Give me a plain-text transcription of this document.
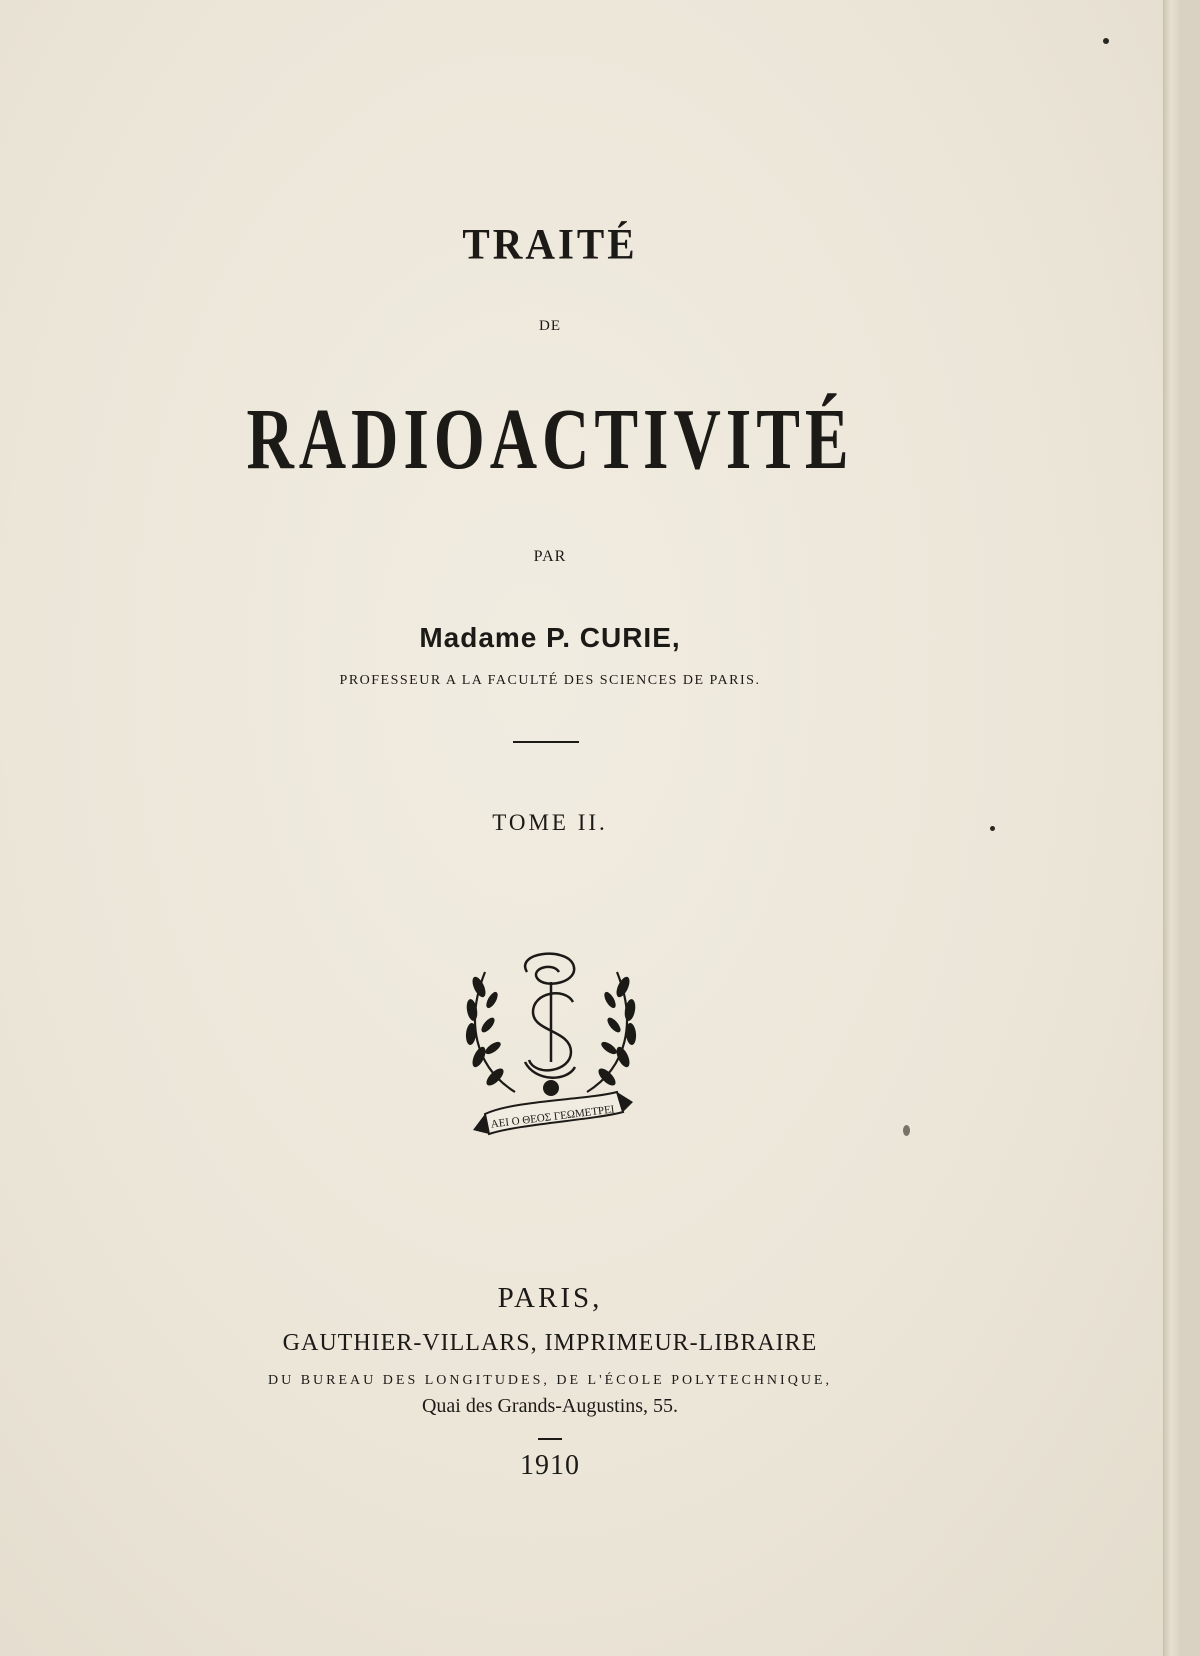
TRAITÉ
DE
RADIOACTIVITÉ
PAR
Madame P. CURIE,
PROFESSEUR A LA FACULTÉ DES SCIENCES DE PARIS.
TOME II.
ΑΕΙ Ο ΘΕΟΣ ΓΕΩΜΕΤΡΕΙ
PARIS,
GAUTHIER-VILLARS, IMPRIMEUR-LIBRAIRE
DU BUREAU DES LONGITUDES, DE L'ÉCOLE POLYTECHNIQUE,
Quai des Grands-Augustins, 55.
1910
